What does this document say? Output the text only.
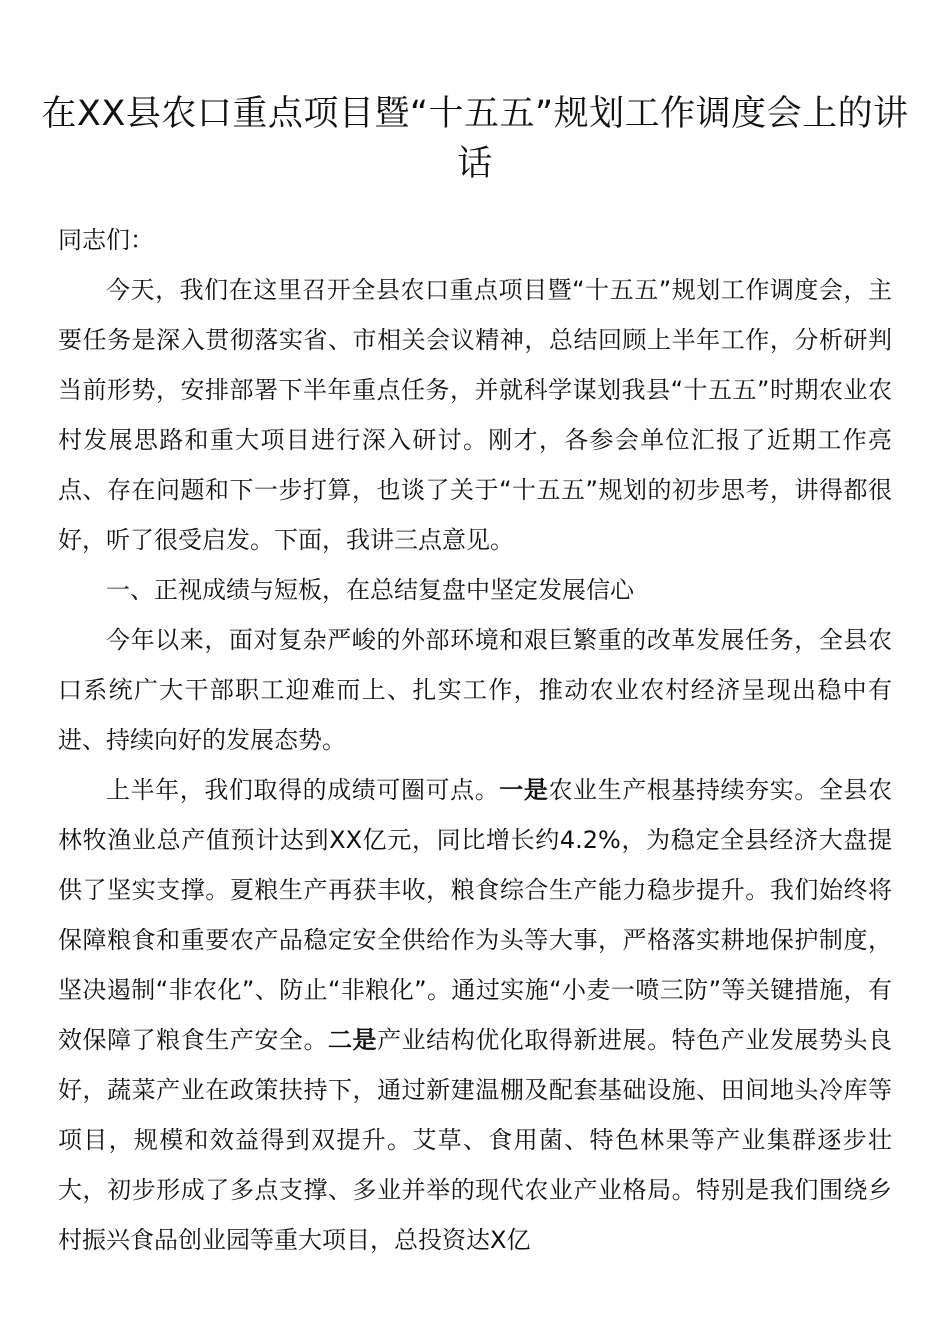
在XX县农口重点项目暨“十五五”规划工作调度会上的讲话

同志们：

今天，我们在这里召开全县农口重点项目暨“十五五”规划工作调度会，主要任务是深入贯彻落实省、市相关会议精神，总结回顾上半年工作，分析研判当前形势，安排部署下半年重点任务，并就科学谋划我县“十五五”时期农业农村发展思路和重大项目进行深入研讨。刚才，各参会单位汇报了近期工作亮点、存在问题和下一步打算，也谈了关于“十五五”规划的初步思考，讲得都很好，听了很受启发。下面，我讲三点意见。

一、正视成绩与短板，在总结复盘中坚定发展信心

今年以来，面对复杂严峻的外部环境和艰巨繁重的改革发展任务，全县农口系统广大干部职工迎难而上、扎实工作，推动农业农村经济呈现出稳中有进、持续向好的发展态势。

上半年，我们取得的成绩可圈可点。一是农业生产根基持续夯实。全县农林牧渔业总产值预计达到XX亿元，同比增长约4.2%，为稳定全县经济大盘提供了坚实支撑。夏粮生产再获丰收，粮食综合生产能力稳步提升。我们始终将保障粮食和重要农产品稳定安全供给作为头等大事，严格落实耕地保护制度，坚决遏制“非农化”、防止“非粮化”。通过实施“小麦一喷三防”等关键措施，有效保障了粮食生产安全。二是产业结构优化取得新进展。特色产业发展势头良好，蔬菜产业在政策扶持下，通过新建温棚及配套基础设施、田间地头冷库等项目，规模和效益得到双提升。艾草、食用菌、特色林果等产业集群逐步壮大，初步形成了多点支撑、多业并举的现代农业产业格局。特别是我们围绕乡村振兴食品创业园等重大项目，总投资达X亿
